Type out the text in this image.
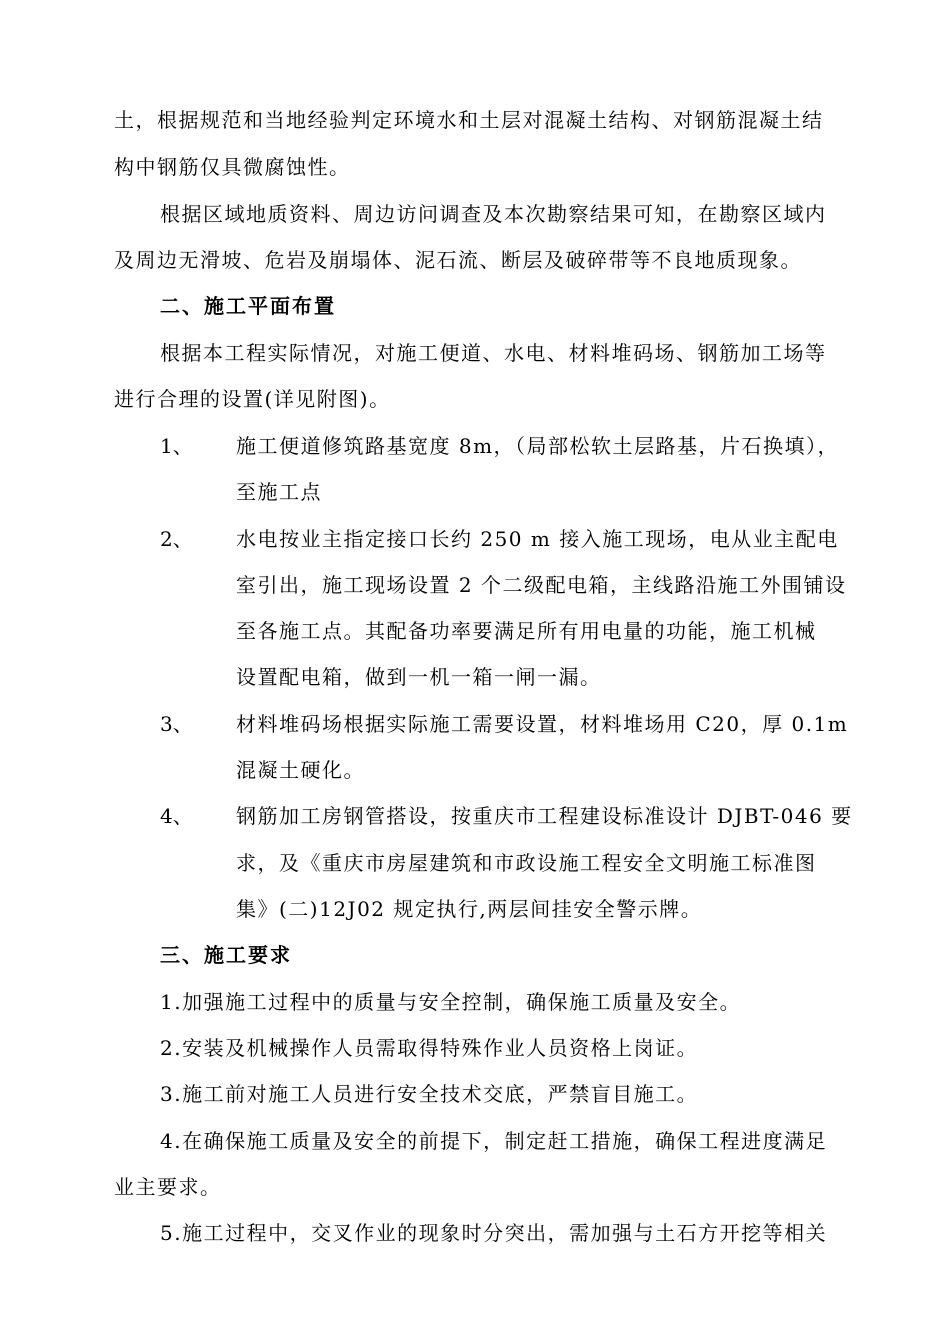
土，根据规范和当地经验判定环境水和土层对混凝土结构、对钢筋混凝土结
构中钢筋仅具微腐蚀性。
根据区域地质资料、周边访问调查及本次勘察结果可知，在勘察区域内
及周边无滑坡、危岩及崩塌体、泥石流、断层及破碎带等不良地质现象。
二、施工平面布置
根据本工程实际情况，对施工便道、水电、材料堆码场、钢筋加工场等
进行合理的设置(详见附图)。
1、 施工便道修筑路基宽度 8m，（局部松软土层路基，片石换填），
至施工点
2、 水电按业主指定接口长约 250 m 接入施工现场，电从业主配电
室引出，施工现场设置 2 个二级配电箱，主线路沿施工外围铺设
至各施工点。其配备功率要满足所有用电量的功能，施工机械
设置配电箱，做到一机一箱一闸一漏。
3、 材料堆码场根据实际施工需要设置，材料堆场用 C20，厚 0.1m
混凝土硬化。
4、 钢筋加工房钢管搭设，按重庆市工程建设标准设计 DJBT-046 要
求，及《重庆市房屋建筑和市政设施工程安全文明施工标准图
集》(二)12J02 规定执行,两层间挂安全警示牌。
三、施工要求
1.加强施工过程中的质量与安全控制，确保施工质量及安全。
2.安装及机械操作人员需取得特殊作业人员资格上岗证。
3.施工前对施工人员进行安全技术交底，严禁盲目施工。
4.在确保施工质量及安全的前提下，制定赶工措施，确保工程进度满足
业主要求。
5.施工过程中，交叉作业的现象时分突出，需加强与土石方开挖等相关
